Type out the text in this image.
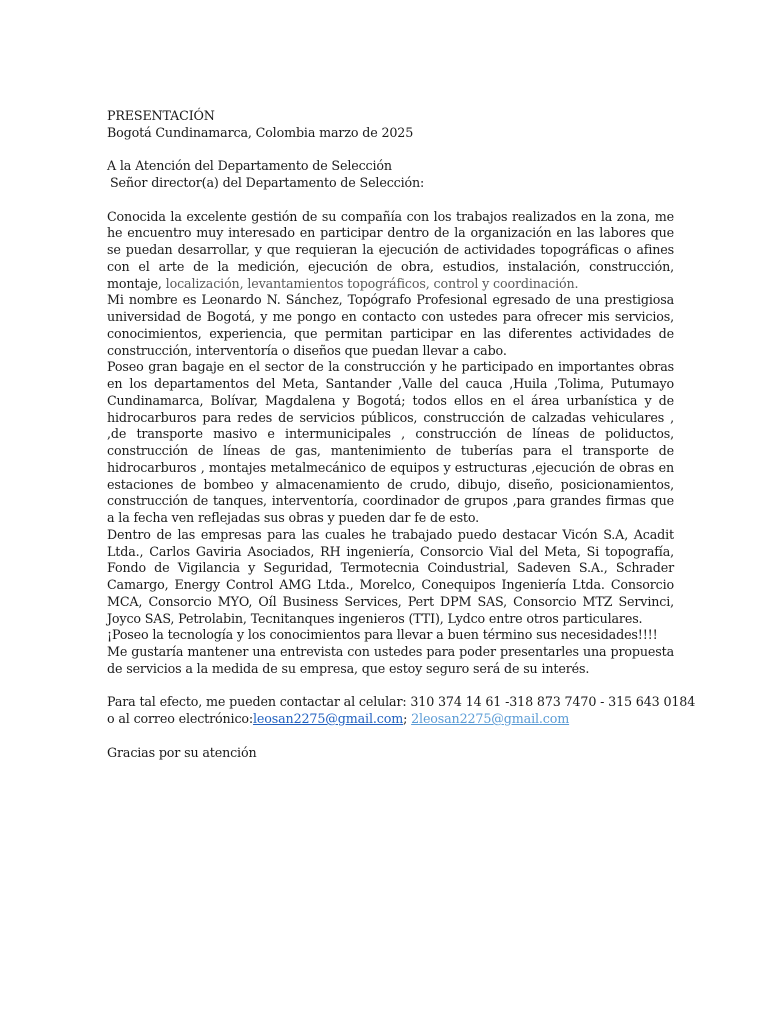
PRESENTACIÓN
Bogotá Cundinamarca, Colombia marzo de 2025
A la Atención del Departamento de Selección
Señor director(a) del Departamento de Selección:
Conocida la excelente gestión de su compañía con los trabajos realizados en la zona, me he encuentro muy interesado en participar dentro de la organización en las labores que se puedan desarrollar, y que requieran la ejecución de actividades topográficas o afines con el arte de la medición, ejecución de obra, estudios, instalación, construcción, montaje, localización, levantamientos topográficos, control y coordinación.
Mi nombre es Leonardo N. Sánchez, Topógrafo Profesional egresado de una prestigiosa universidad de Bogotá, y me pongo en contacto con ustedes para ofrecer mis servicios, conocimientos, experiencia, que permitan participar en las diferentes actividades de construcción, interventoría o diseños que puedan llevar a cabo.
Poseo gran bagaje en el sector de la construcción y he participado en importantes obras en los departamentos del Meta, Santander ,Valle del cauca ,Huila ,Tolima, Putumayo Cundinamarca, Bolívar, Magdalena y Bogotá; todos ellos en el área urbanística y de hidrocarburos para redes de servicios públicos, construcción de calzadas vehiculares , ,de transporte masivo e intermunicipales , construcción de líneas de poliductos, construcción de líneas de gas, mantenimiento de tuberías para el transporte de hidrocarburos , montajes metalmecánico de equipos y estructuras ,ejecución de obras en estaciones de bombeo y almacenamiento de crudo, dibujo, diseño, posicionamientos, construcción de tanques, interventoría, coordinador de grupos ,para grandes firmas que a la fecha ven reflejadas sus obras y pueden dar fe de esto.
Dentro de las empresas para las cuales he trabajado puedo destacar Vicón S.A, Acadit Ltda., Carlos Gaviria Asociados, RH ingeniería, Consorcio Vial del Meta, Si topografía, Fondo de Vigilancia y Seguridad, Termotecnia Coindustrial, Sadeven S.A., Schrader Camargo, Energy Control AMG Ltda., Morelco, Conequipos Ingeniería Ltda. Consorcio MCA, Consorcio MYO, Oíl Business Services, Pert DPM SAS, Consorcio MTZ Servinci, Joyco SAS, Petrolabin, Tecnitanques ingenieros (TTI), Lydco entre otros particulares.
¡Poseo la tecnología y los conocimientos para llevar a buen término sus necesidades!!!!
Me gustaría mantener una entrevista con ustedes para poder presentarles una propuesta de servicios a la medida de su empresa, que estoy seguro será de su interés.
Para tal efecto, me pueden contactar al celular: 310 374 14 61 -318 873 7470 - 315 643 0184
o al correo electrónico:leosan2275@gmail.com; 2leosan2275@gmail.com
Gracias por su atención
